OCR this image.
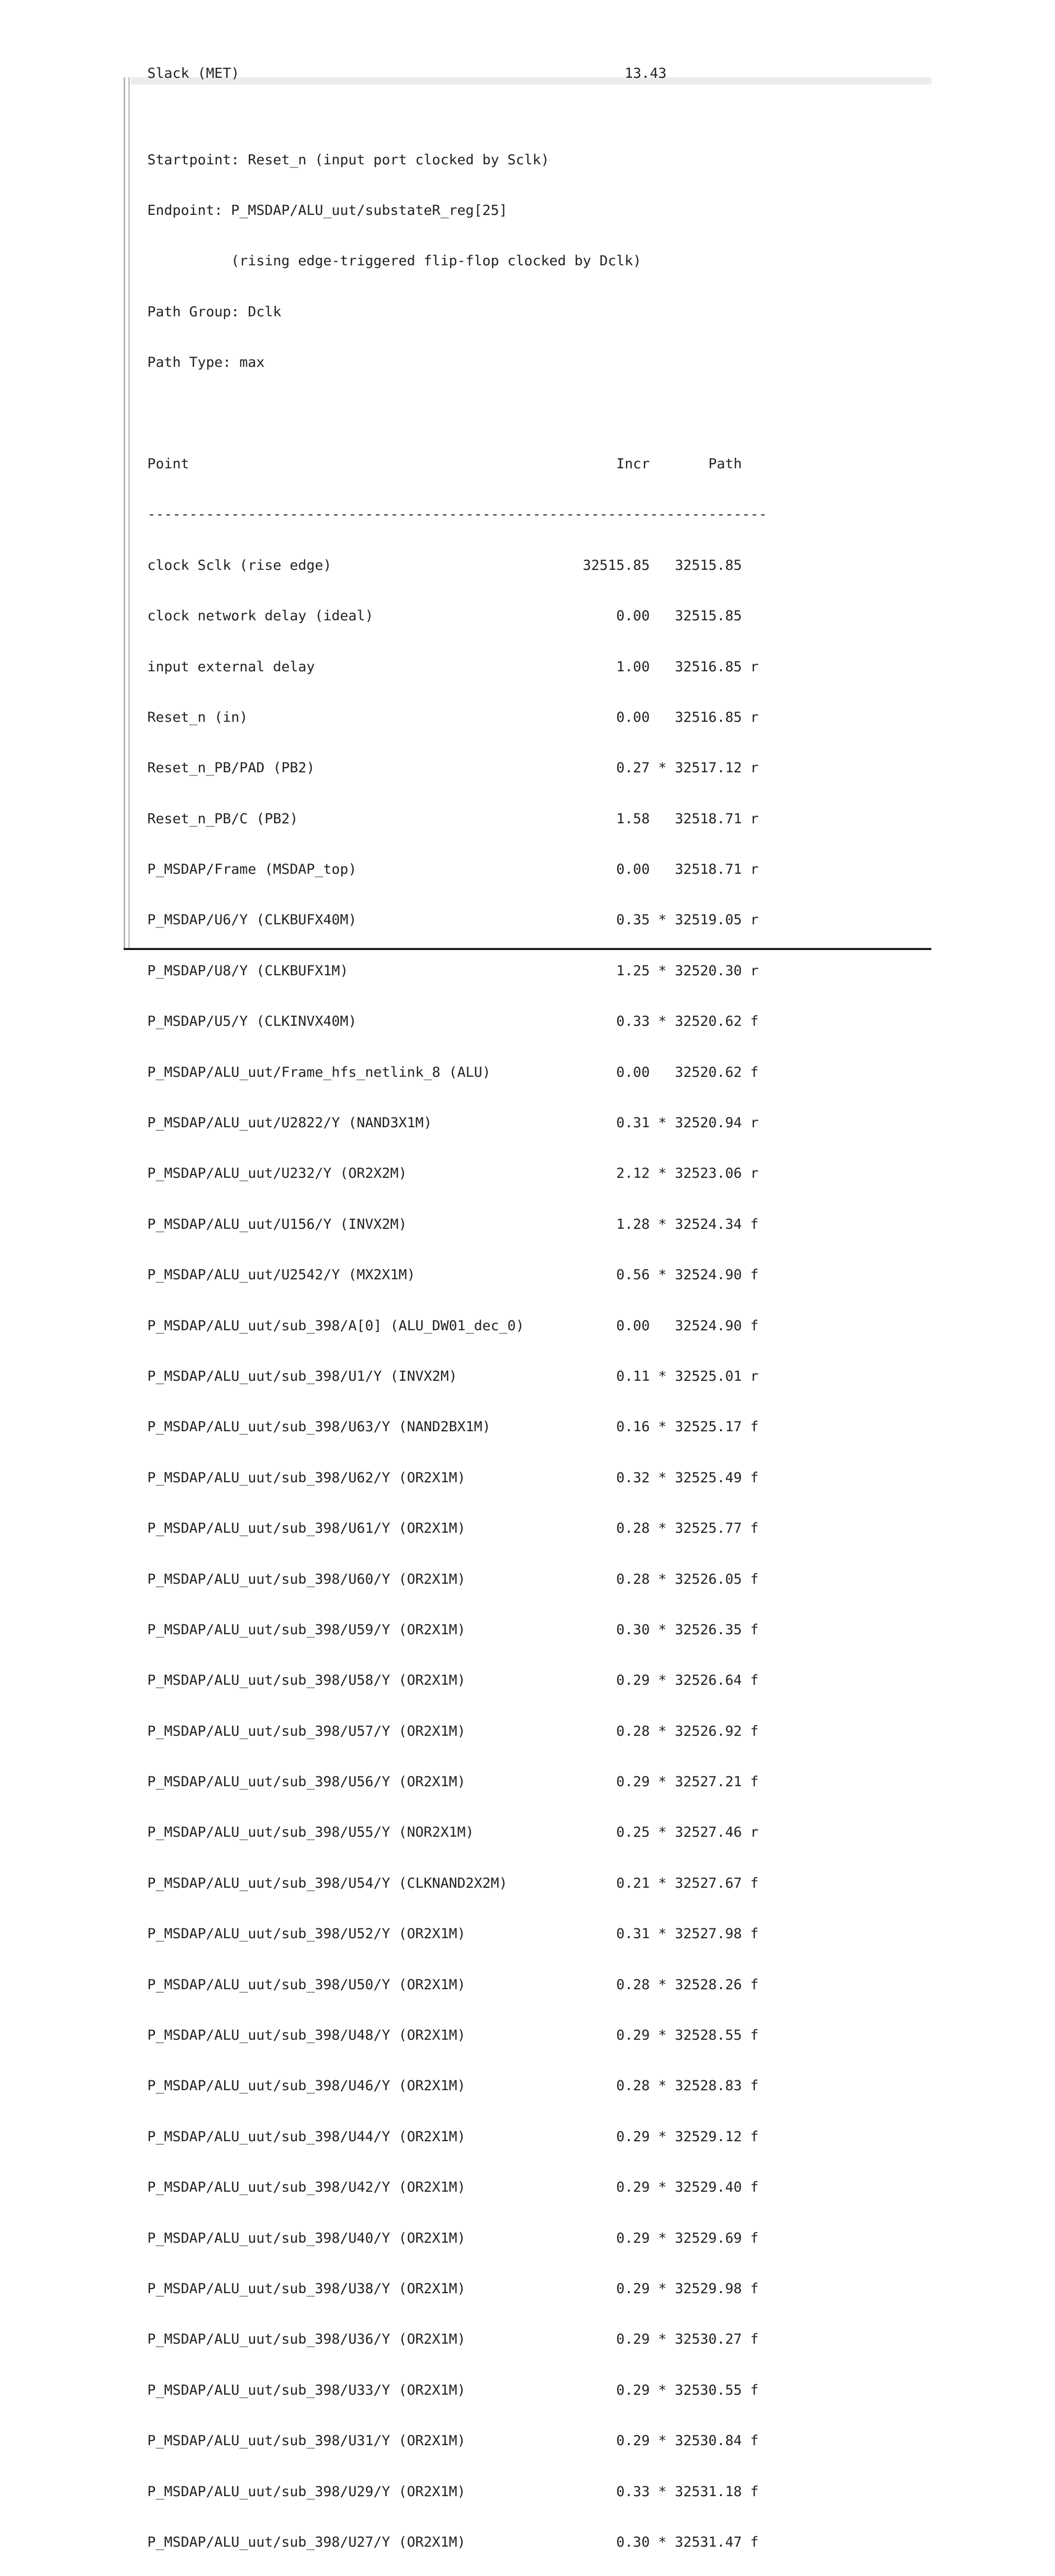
Slack (MET)                                              13.43

Startpoint: Reset_n (input port clocked by Sclk)

Endpoint: P_MSDAP/ALU_uut/substateR_reg[25]

(rising edge-triggered flip-flop clocked by Dclk)

Path Group: Dclk

Path Type: max

Point                                                   Incr       Path

--------------------------------------------------------------------------

clock Sclk (rise edge)                              32515.85   32515.85

clock network delay (ideal)                             0.00   32515.85

input external delay                                    1.00   32516.85 r

Reset_n (in)                                            0.00   32516.85 r

Reset_n_PB/PAD (PB2)                                    0.27 * 32517.12 r

Reset_n_PB/C (PB2)                                      1.58   32518.71 r

P_MSDAP/Frame (MSDAP_top)                               0.00   32518.71 r

P_MSDAP/U6/Y (CLKBUFX40M)                               0.35 * 32519.05 r

P_MSDAP/U8/Y (CLKBUFX1M)                                1.25 * 32520.30 r

P_MSDAP/U5/Y (CLKINVX40M)                               0.33 * 32520.62 f

P_MSDAP/ALU_uut/Frame_hfs_netlink_8 (ALU)               0.00   32520.62 f

P_MSDAP/ALU_uut/U2822/Y (NAND3X1M)                      0.31 * 32520.94 r

P_MSDAP/ALU_uut/U232/Y (OR2X2M)                         2.12 * 32523.06 r

P_MSDAP/ALU_uut/U156/Y (INVX2M)                         1.28 * 32524.34 f

P_MSDAP/ALU_uut/U2542/Y (MX2X1M)                        0.56 * 32524.90 f

P_MSDAP/ALU_uut/sub_398/A[0] (ALU_DW01_dec_0)           0.00   32524.90 f

P_MSDAP/ALU_uut/sub_398/U1/Y (INVX2M)                   0.11 * 32525.01 r

P_MSDAP/ALU_uut/sub_398/U63/Y (NAND2BX1M)               0.16 * 32525.17 f

P_MSDAP/ALU_uut/sub_398/U62/Y (OR2X1M)                  0.32 * 32525.49 f

P_MSDAP/ALU_uut/sub_398/U61/Y (OR2X1M)                  0.28 * 32525.77 f

P_MSDAP/ALU_uut/sub_398/U60/Y (OR2X1M)                  0.28 * 32526.05 f

P_MSDAP/ALU_uut/sub_398/U59/Y (OR2X1M)                  0.30 * 32526.35 f

P_MSDAP/ALU_uut/sub_398/U58/Y (OR2X1M)                  0.29 * 32526.64 f

P_MSDAP/ALU_uut/sub_398/U57/Y (OR2X1M)                  0.28 * 32526.92 f

P_MSDAP/ALU_uut/sub_398/U56/Y (OR2X1M)                  0.29 * 32527.21 f

P_MSDAP/ALU_uut/sub_398/U55/Y (NOR2X1M)                 0.25 * 32527.46 r

P_MSDAP/ALU_uut/sub_398/U54/Y (CLKNAND2X2M)             0.21 * 32527.67 f

P_MSDAP/ALU_uut/sub_398/U52/Y (OR2X1M)                  0.31 * 32527.98 f

P_MSDAP/ALU_uut/sub_398/U50/Y (OR2X1M)                  0.28 * 32528.26 f

P_MSDAP/ALU_uut/sub_398/U48/Y (OR2X1M)                  0.29 * 32528.55 f

P_MSDAP/ALU_uut/sub_398/U46/Y (OR2X1M)                  0.28 * 32528.83 f

P_MSDAP/ALU_uut/sub_398/U44/Y (OR2X1M)                  0.29 * 32529.12 f

P_MSDAP/ALU_uut/sub_398/U42/Y (OR2X1M)                  0.29 * 32529.40 f

P_MSDAP/ALU_uut/sub_398/U40/Y (OR2X1M)                  0.29 * 32529.69 f

P_MSDAP/ALU_uut/sub_398/U38/Y (OR2X1M)                  0.29 * 32529.98 f

P_MSDAP/ALU_uut/sub_398/U36/Y (OR2X1M)                  0.29 * 32530.27 f

P_MSDAP/ALU_uut/sub_398/U33/Y (OR2X1M)                  0.29 * 32530.55 f

P_MSDAP/ALU_uut/sub_398/U31/Y (OR2X1M)                  0.29 * 32530.84 f

P_MSDAP/ALU_uut/sub_398/U29/Y (OR2X1M)                  0.33 * 32531.18 f

P_MSDAP/ALU_uut/sub_398/U27/Y (OR2X1M)                  0.30 * 32531.47 f
